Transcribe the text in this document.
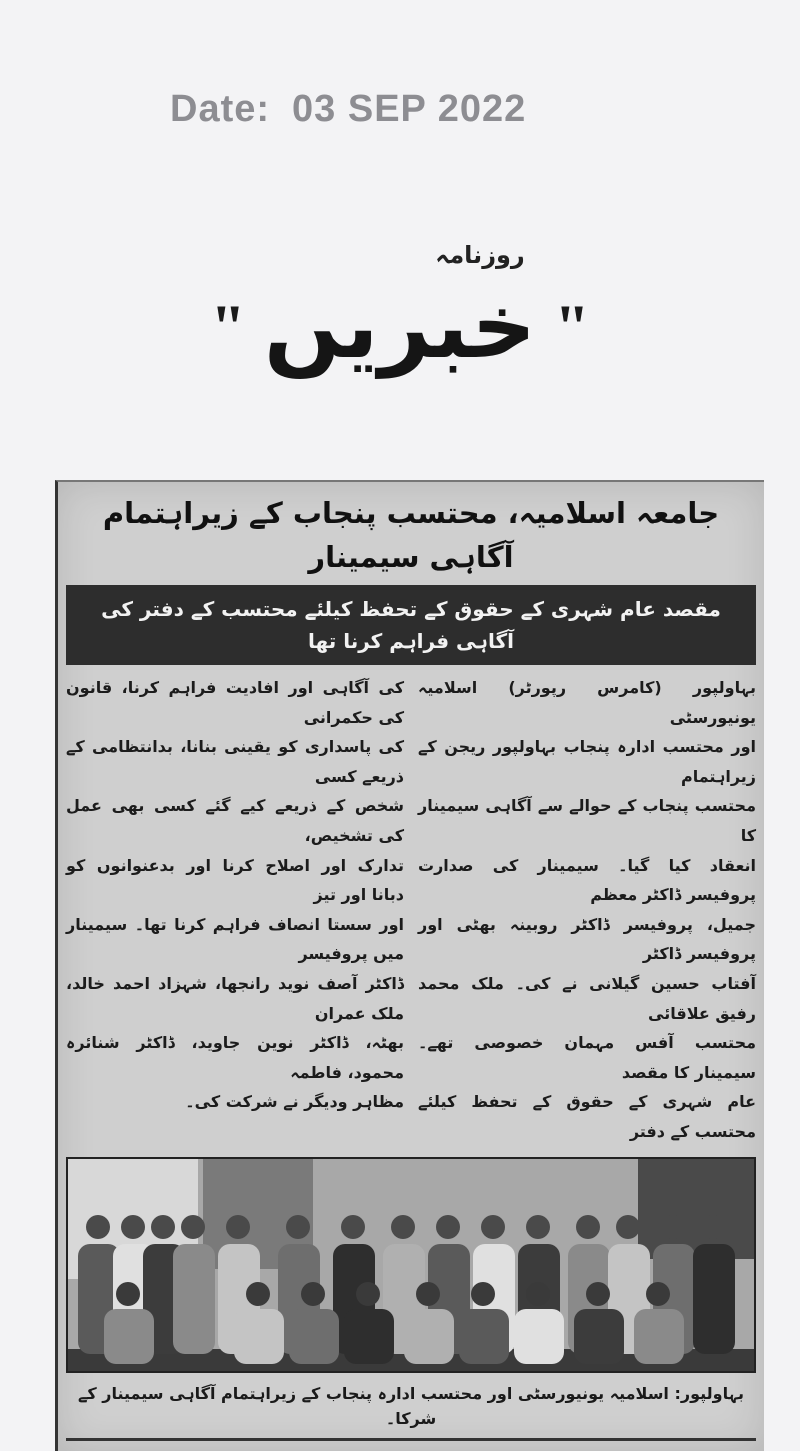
Date: 03 SEP 2022
روزنامہ
" خبریں "
جامعہ اسلامیہ، محتسب پنجاب کے زیراہتمام آگاہی سیمینار
مقصد عام شہری کے حقوق کے تحفظ کیلئے محتسب کے دفتر کی آگاہی فراہم کرنا تھا
بہاولپور (کامرس رپورٹر) اسلامیہ یونیورسٹی
اور محتسب ادارہ پنجاب بہاولپور ریجن کے زیراہتمام
محتسب پنجاب کے حوالے سے آگاہی سیمینار کا
انعقاد کیا گیا۔ سیمینار کی صدارت پروفیسر ڈاکٹر معظم
جمیل، پروفیسر ڈاکٹر روبینہ بھٹی اور پروفیسر ڈاکٹر
آفتاب حسین گیلانی نے کی۔ ملک محمد رفیق علاقائی
محتسب آفس مہمان خصوصی تھے۔ سیمینار کا مقصد
عام شہری کے حقوق کے تحفظ کیلئے محتسب کے دفتر
کی آگاہی اور افادیت فراہم کرنا، قانون کی حکمرانی
کی پاسداری کو یقینی بنانا، بدانتظامی کے ذریعے کسی
شخص کے ذریعے کیے گئے کسی بھی عمل کی تشخیص،
تدارک اور اصلاح کرنا اور بدعنوانوں کو دبانا اور تیز
اور سستا انصاف فراہم کرنا تھا۔ سیمینار میں پروفیسر
ڈاکٹر آصف نوید رانجھا، شہزاد احمد خالد، ملک عمران
بھٹہ، ڈاکٹر نوین جاوید، ڈاکٹر شنائرہ محمود، فاطمہ
مظاہر ودیگر نے شرکت کی۔
بہاولپور: اسلامیہ یونیورسٹی اور محتسب ادارہ پنجاب کے زیراہتمام آگاہی سیمینار کے شرکا۔
